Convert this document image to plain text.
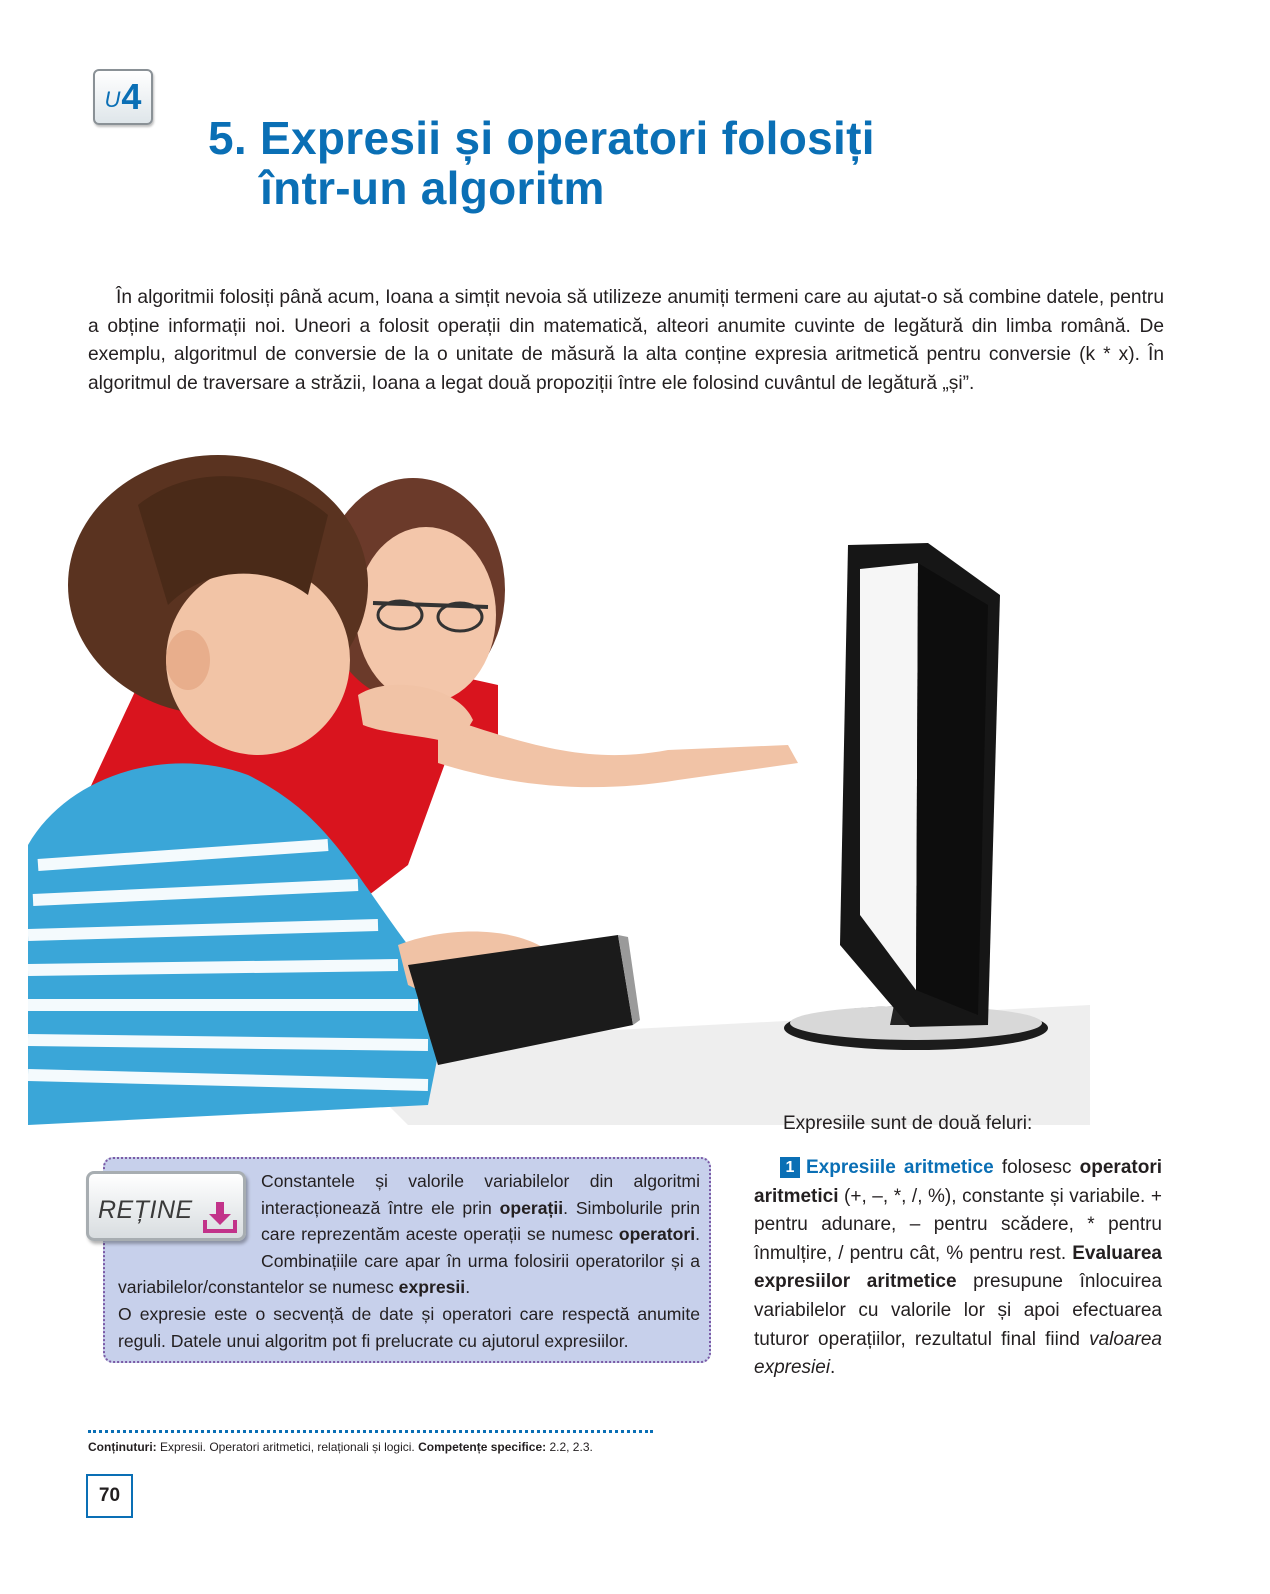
U 4
5. Expresii și operatori folosiți
într-un algoritm

În algoritmii folosiți până acum, Ioana a simțit nevoia să utilizeze anumiți termeni care au ajutat-o să combine datele, pentru a obține informații noi. Uneori a folosit operații din matematică, alteori anumite cuvinte de legătură din limba română. De exemplu, algoritmul de conversie de la o unitate de măsură la alta conține expresia aritmetică pentru conversie (k * x). În algoritmul de traversare a străzii, Ioana a legat două propoziții între ele folosind cuvântul de legătură „și”.

Constantele și valorile variabilelor din algoritmi interacționează între ele prin operații. Simbolurile prin care reprezentăm aceste operații se numesc operatori. Combinațiile care apar în urma folosirii operatorilor și a variabilelor/constantelor se numesc expresii.
O expresie este o secvență de date și operatori care respectă anumite reguli. Datele unui algoritm pot fi prelucrate cu ajutorul expresiilor.
REȚINE

Expresiile sunt de două feluri:

1 Expresiile aritmetice folosesc operatori aritmetici (+, –, *, /, %), constante și variabile. + pentru adunare, – pentru scădere, * pentru înmulțire, / pentru cât, % pentru rest. Evaluarea expresiilor aritmetice presupune înlocuirea variabilelor cu valorile lor și apoi efectuarea tuturor operațiilor, rezultatul final fiind valoarea expresiei.

Conținuturi: Expresii. Operatori aritmetici, relaționali și logici. Competențe specifice: 2.2, 2.3.

70
